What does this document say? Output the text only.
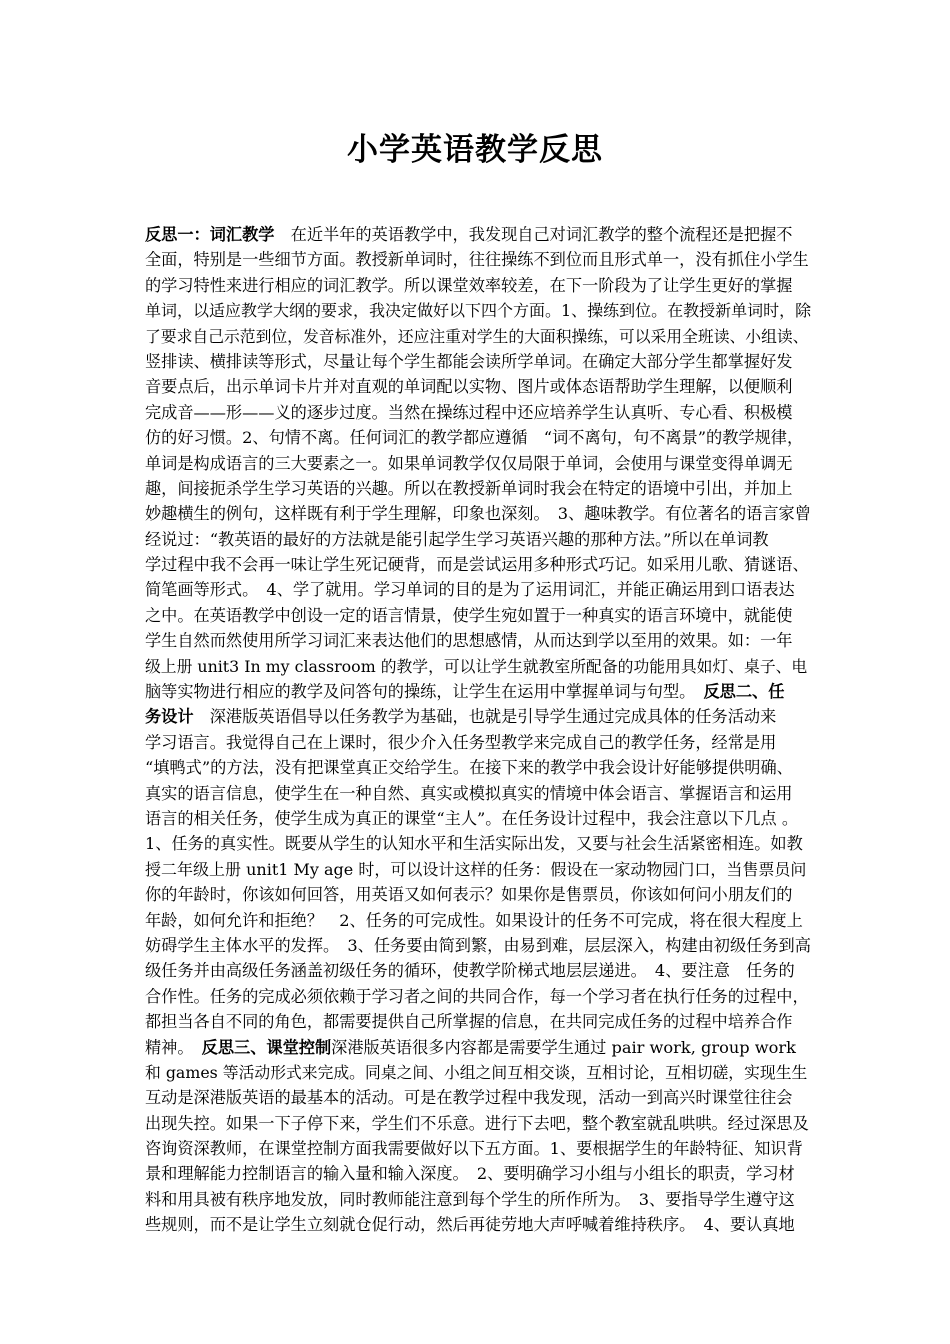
小学英语教学反思
反思一：词汇教学　在近半年的英语教学中，我发现自己对词汇教学的整个流程还是把握不
全面，特别是一些细节方面。教授新单词时，往往操练不到位而且形式单一，没有抓住小学生
的学习特性来进行相应的词汇教学。所以课堂效率较差，在下一阶段为了让学生更好的掌握
单词，以适应教学大纲的要求，我决定做好以下四个方面。1、操练到位。在教授新单词时，除
了要求自己示范到位，发音标准外，还应注重对学生的大面积操练，可以采用全班读、小组读、
竖排读、横排读等形式，尽量让每个学生都能会读所学单词。在确定大部分学生都掌握好发
音要点后，出示单词卡片并对直观的单词配以实物、图片或体态语帮助学生理解，以便顺利
完成音——形——义的逐步过度。当然在操练过程中还应培养学生认真听、专心看、积极模
仿的好习惯。2、句情不离。任何词汇的教学都应遵循　“词不离句，句不离景”的教学规律，
单词是构成语言的三大要素之一。如果单词教学仅仅局限于单词，会使用与课堂变得单调无
趣，间接扼杀学生学习英语的兴趣。所以在教授新单词时我会在特定的语境中引出，并加上
妙趣横生的例句，这样既有利于学生理解，印象也深刻。　3、趣味教学。有位著名的语言家曾
经说过：“教英语的最好的方法就是能引起学生学习英语兴趣的那种方法。”所以在单词教
学过程中我不会再一味让学生死记硬背，而是尝试运用多种形式巧记。如采用儿歌、猜谜语、
简笔画等形式。　4、学了就用。学习单词的目的是为了运用词汇，并能正确运用到口语表达
之中。在英语教学中创设一定的语言情景，使学生宛如置于一种真实的语言环境中，就能使
学生自然而然使用所学习词汇来表达他们的思想感情，从而达到学以至用的效果。如：一年
级上册 unit3 In my classroom 的教学，可以让学生就教室所配备的功能用具如灯、桌子、电
脑等实物进行相应的教学及问答句的操练，让学生在运用中掌握单词与句型。　反思二、任
务设计　深港版英语倡导以任务教学为基础，也就是引导学生通过完成具体的任务活动来
学习语言。我觉得自己在上课时，很少介入任务型教学来完成自己的教学任务，经常是用
“填鸭式”的方法，没有把课堂真正交给学生。在接下来的教学中我会设计好能够提供明确、
真实的语言信息，使学生在一种自然、真实或模拟真实的情境中体会语言、掌握语言和运用
语言的相关任务，使学生成为真正的课堂“主人”。在任务设计过程中，我会注意以下几点 。
1、任务的真实性。既要从学生的认知水平和生活实际出发，又要与社会生活紧密相连。如教
授二年级上册 unit1 My age 时，可以设计这样的任务：假设在一家动物园门口，当售票员问
你的年龄时，你该如何回答，用英语又如何表示？如果你是售票员，你该如何问小朋友们的
年龄，如何允许和拒绝？　2、任务的可完成性。如果设计的任务不可完成，将在很大程度上
妨碍学生主体水平的发挥。　3、任务要由简到繁，由易到难，层层深入，构建由初级任务到高
级任务并由高级任务涵盖初级任务的循环，使教学阶梯式地层层递进。　4、要注意　任务的
合作性。任务的完成必须依赖于学习者之间的共同合作，每一个学习者在执行任务的过程中，
都担当各自不同的角色，都需要提供自己所掌握的信息，在共同完成任务的过程中培养合作
精神。　反思三、课堂控制深港版英语很多内容都是需要学生通过 pair work, group work
和 games 等活动形式来完成。同桌之间、小组之间互相交谈，互相讨论，互相切磋，实现生生
互动是深港版英语的最基本的活动。可是在教学过程中我发现，活动一到高兴时课堂往往会
出现失控。如果一下子停下来，学生们不乐意。进行下去吧，整个教室就乱哄哄。经过深思及
咨询资深教师，在课堂控制方面我需要做好以下五方面。1、要根据学生的年龄特征、知识背
景和理解能力控制语言的输入量和输入深度。　2、要明确学习小组与小组长的职责，学习材
料和用具被有秩序地发放，同时教师能注意到每个学生的所作所为。　3、要指导学生遵守这
些规则，而不是让学生立刻就仓促行动，然后再徒劳地大声呼喊着维持秩序。　4、要认真地
